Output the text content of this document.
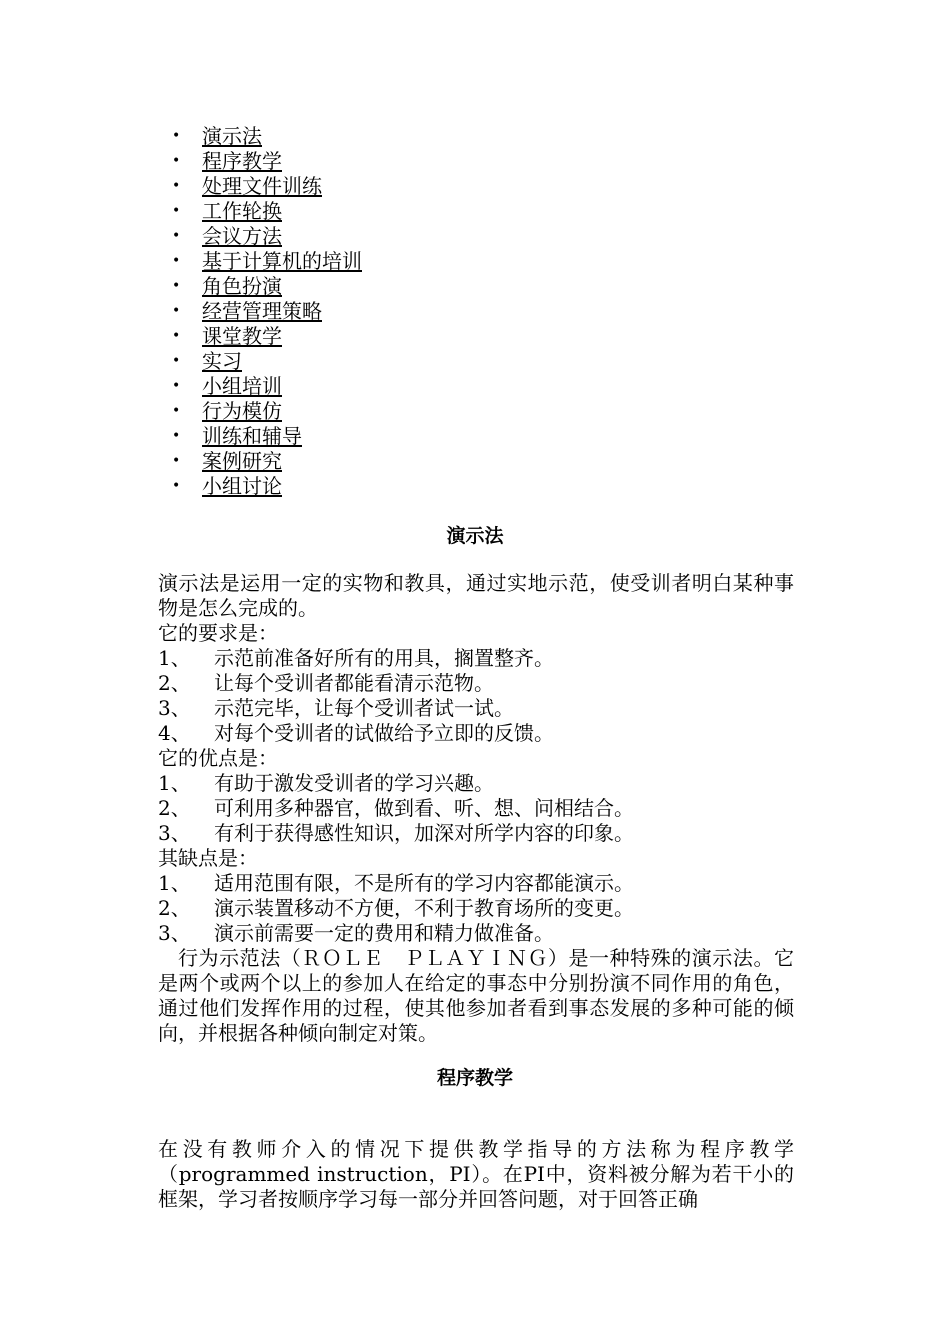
• 演示法
• 程序教学
• 处理文件训练
• 工作轮换
• 会议方法
• 基于计算机的培训
• 角色扮演
• 经营管理策略
• 课堂教学
• 实习
• 小组培训
• 行为模仿
• 训练和辅导
• 案例研究
• 小组讨论
演示法

演示法是运用一定的实物和教具，通过实地示范，使受训者明白某种事物是怎么完成的。

它的要求是：

1、 示范前准备好所有的用具，搁置整齐。

2、 让每个受训者都能看清示范物。

3、 示范完毕，让每个受训者试一试。

4、 对每个受训者的试做给予立即的反馈。

它的优点是：

1、 有助于激发受训者的学习兴趣。

2、 可利用多种器官，做到看、听、想、问相结合。

3、 有利于获得感性知识，加深对所学内容的印象。

其缺点是：

1、 适用范围有限，不是所有的学习内容都能演示。

2、 演示装置移动不方便，不利于教育场所的变更。

3、 演示前需要一定的费用和精力做准备。

行为示范法（ＲＯＬＥ　ＰＬＡＹＩＮＧ）是一种特殊的演示法。它是两个或两个以上的参加人在给定的事态中分别扮演不同作用的角色，通过他们发挥作用的过程，使其他参加者看到事态发展的多种可能的倾向，并根据各种倾向制定对策。

程序教学

在没有教师介入的情况下提供教学指导的方法称为程序教学（programmed instruction，PI）。在PI中，资料被分解为若干小的框架，学习者按顺序学习每一部分并回答问题，对于回答正确
